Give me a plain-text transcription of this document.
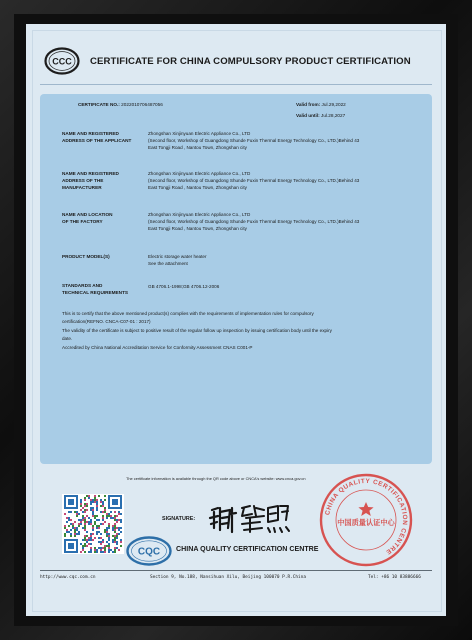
CCC CERTIFICATE FOR CHINA COMPULSORY PRODUCT CERTIFICATION
CERTIFICATE NO.: 2022010706487056	Valid from: Jul.29,2022
Valid until: Jul.28,2027
NAME AND REGISTERED
ADDRESS OF THE APPLICANT
Zhongshan Xinjinyuan Electric Appliance Co., LTD
(Second floor, Workshop of Guangdong Shunde Fuxin Thermal Energy Technology Co., LTD.)Behind 43
East Tongji Road , Nantou Town, Zhongshan city
NAME AND REGISTERED
ADDRESS OF THE
MANUFACTURER
Zhongshan Xinjinyuan Electric Appliance Co., LTD
(Second floor, Workshop of Guangdong Shunde Fuxin Thermal Energy Technology Co., LTD.)Behind 43
East Tongji Road , Nantou Town, Zhongshan city
NAME AND LOCATION
OF THE FACTORY
Zhongshan Xinjinyuan Electric Appliance Co., LTD
(Second floor, Workshop of Guangdong Shunde Fuxin Thermal Energy Technology Co., LTD.)Behind 43
East Tongji Road , Nantou Town, Zhongshan city
PRODUCT MODEL(S)	Electric storage water heater
See the attachment
STANDARDS AND
TECHNICAL REQUIREMENTS
GB 4706.1-1998;GB 4706.12-2006
This is to certify that the above mentioned product(s) complies with the requirements of implementation rules for compulsory
certification(REFNO. CNCA-C07-01 : 2017)
The validity of the certificate is subject to positive result of the regular follow up inspection by issuing certification body until the expiry
date.
Accredited by China National Accreditation Service for Conformity Assessment CNAS C001-P
The certificate information is available through the QR code above or CNCA's website: www.cnca.gov.cn
SIGNATURE:
CHINA QUALITY CERTIFICATION CENTRE
中国质量认证中心
CQC CHINA QUALITY CERTIFICATION CENTRE
http://www.cqc.com.cn	Section 9, No.188, Nansihuan Xilu, Beijing 100070 P.R.China	Tel: +86 10 83886666
